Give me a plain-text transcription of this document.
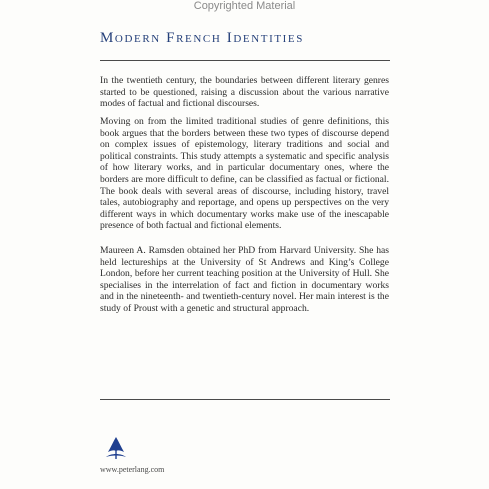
Copyrighted Material
Modern French Identities

In the twentieth century, the boundaries between different literary genres started to be questioned, raising a discussion about the various narrative modes of factual and fictional discourses.

Moving on from the limited traditional studies of genre definitions, this book argues that the borders between these two types of discourse depend on complex issues of epistemology, literary traditions and social and political constraints. This study attempts a systematic and specific analysis of how literary works, and in particular documentary ones, where the borders are more difficult to define, can be classified as factual or fictional. The book deals with several areas of discourse, including history, travel tales, autobiography and reportage, and opens up perspectives on the very different ways in which documentary works make use of the inescapable presence of both factual and fictional elements.

Maureen A. Ramsden obtained her PhD from Harvard University. She has held lectureships at the University of St Andrews and King’s College London, before her current teaching position at the University of Hull. She specialises in the interrelation of fact and fiction in documentary works and in the nineteenth- and twentieth-century novel. Her main interest is the study of Proust with a genetic and structural approach.

www.peterlang.com
